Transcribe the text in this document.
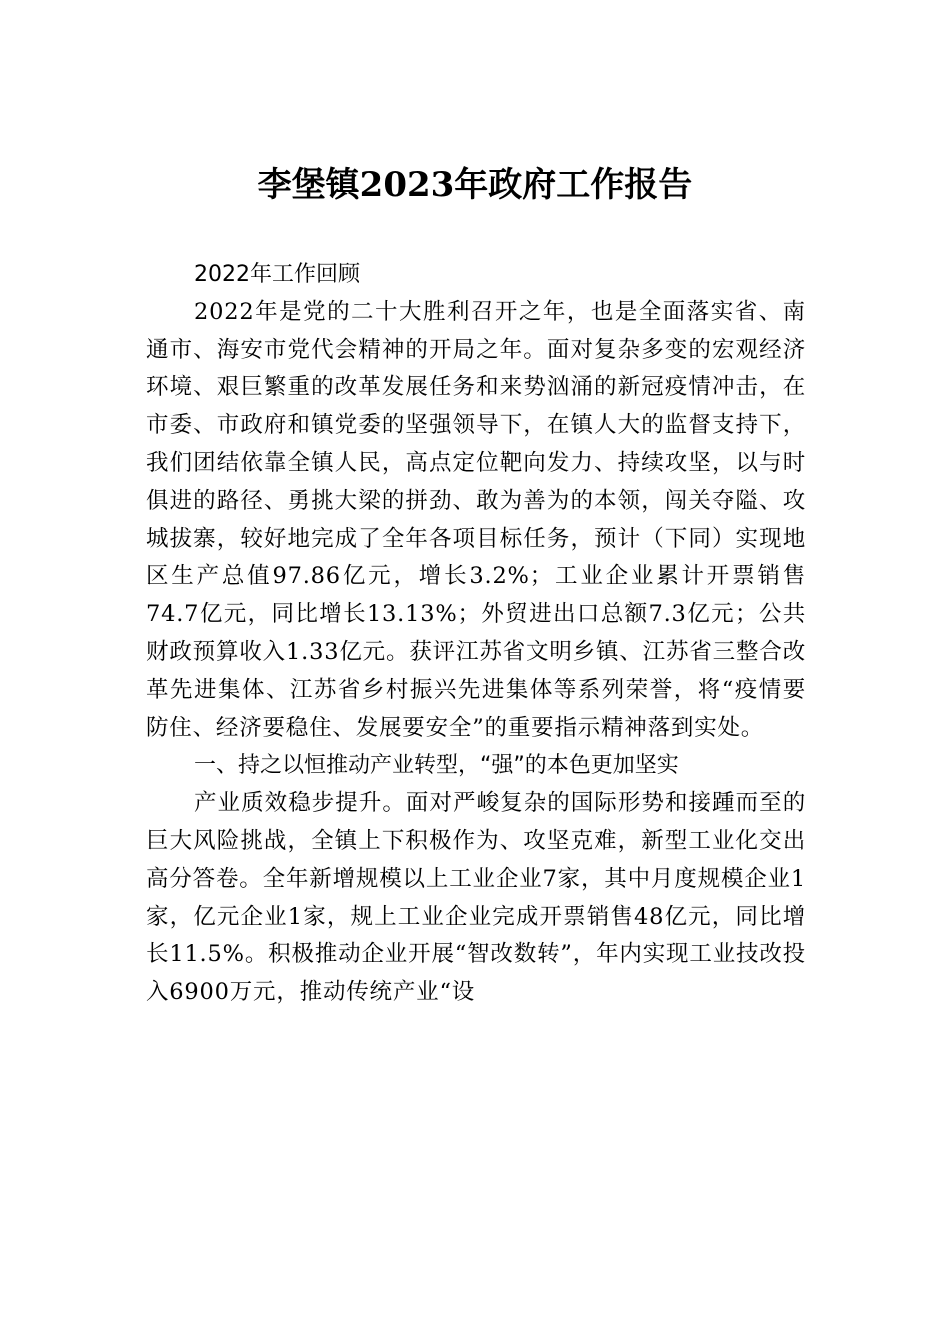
李堡镇2023年政府工作报告

2022年工作回顾

2022年是党的二十大胜利召开之年，也是全面落实省、南通市、海安市党代会精神的开局之年。面对复杂多变的宏观经济环境、艰巨繁重的改革发展任务和来势汹涌的新冠疫情冲击，在市委、市政府和镇党委的坚强领导下，在镇人大的监督支持下，我们团结依靠全镇人民，高点定位靶向发力、持续攻坚，以与时俱进的路径、勇挑大梁的拼劲、敢为善为的本领，闯关夺隘、攻城拔寨，较好地完成了全年各项目标任务，预计（下同）实现地区生产总值97.86亿元，增长3.2%；工业企业累计开票销售74.7亿元，同比增长13.13%；外贸进出口总额7.3亿元；公共财政预算收入1.33亿元。获评江苏省文明乡镇、江苏省三整合改革先进集体、江苏省乡村振兴先进集体等系列荣誉，将“疫情要防住、经济要稳住、发展要安全”的重要指示精神落到实处。

一、持之以恒推动产业转型，“强”的本色更加坚实

产业质效稳步提升。面对严峻复杂的国际形势和接踵而至的巨大风险挑战，全镇上下积极作为、攻坚克难，新型工业化交出高分答卷。全年新增规模以上工业企业7家，其中月度规模企业1家，亿元企业1家，规上工业企业完成开票销售48亿元，同比增长11.5%。积极推动企业开展“智改数转”，年内实现工业技改投入6900万元，推动传统产业“设
